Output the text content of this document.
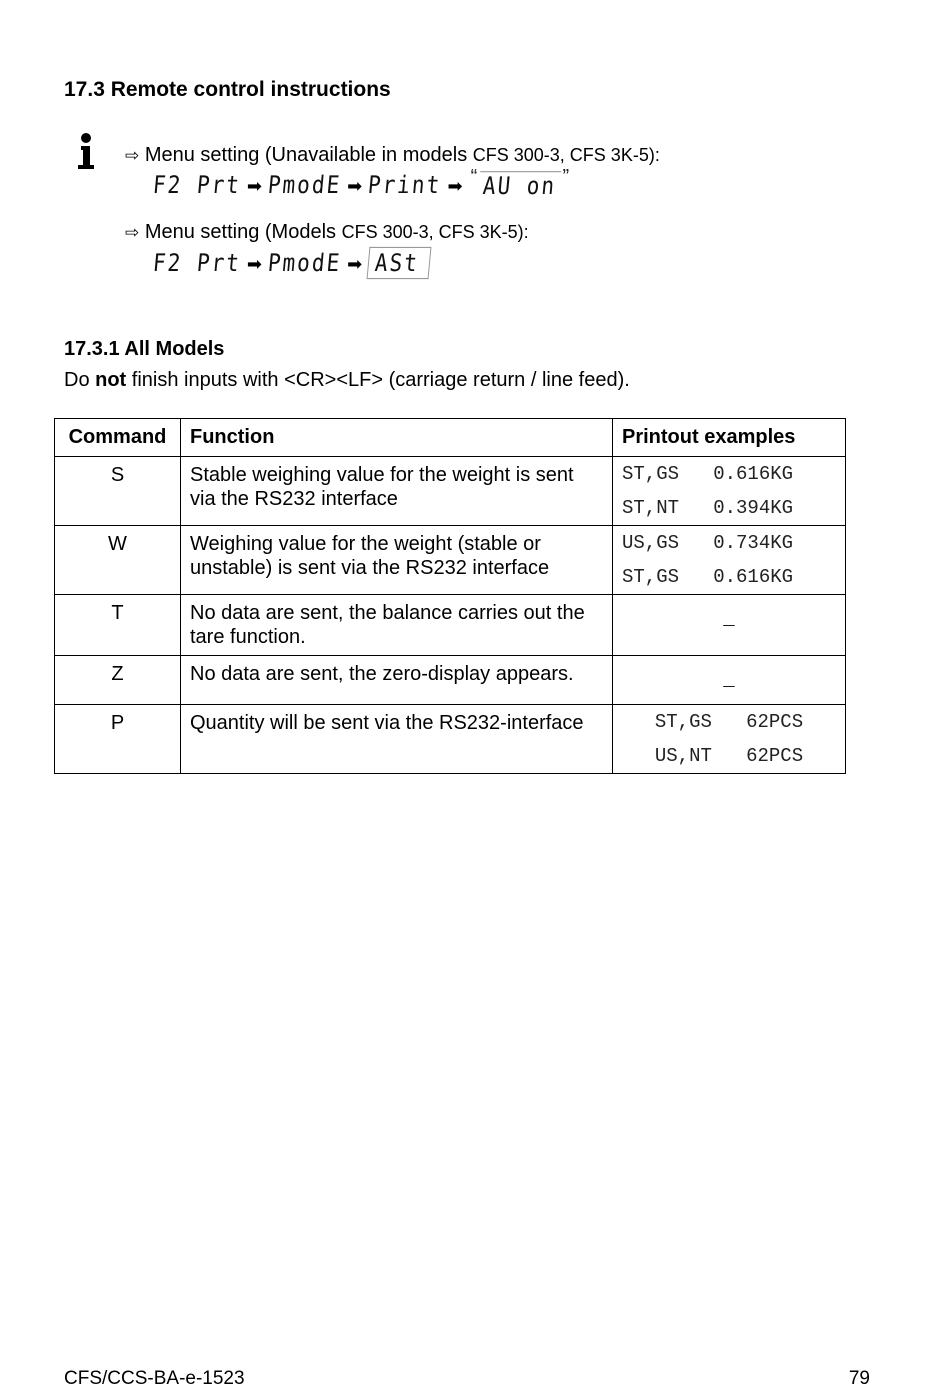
17.3 Remote control instructions
⇨ Menu setting (Unavailable in models CFS 300-3, CFS 3K-5):
F2 Prt ➡ PmodE ➡ Print ➡ “ AU on ”
⇨ Menu setting (Models CFS 300-3, CFS 3K-5):
F2 Prt ➡ PmodE ➡ ASt
17.3.1 All Models
Do not finish inputs with <CR><LF> (carriage return / line feed).
Command	Function	Printout examples
S	Stable weighing value for the weight is sent via the RS232 interface	ST,GS   0.616KG
ST,NT   0.394KG

W	Weighing value for the weight (stable or unstable) is sent via the RS232 interface	US,GS   0.734KG
ST,GS   0.616KG

T	No data are sent, the balance carries out the tare function.	_

Z	No data are sent, the zero-display appears.	_

P	Quantity will be sent via the RS232-interface	ST,GS   62PCS
US,NT   62PCS
CFS/CCS-BA-e-1523	79
